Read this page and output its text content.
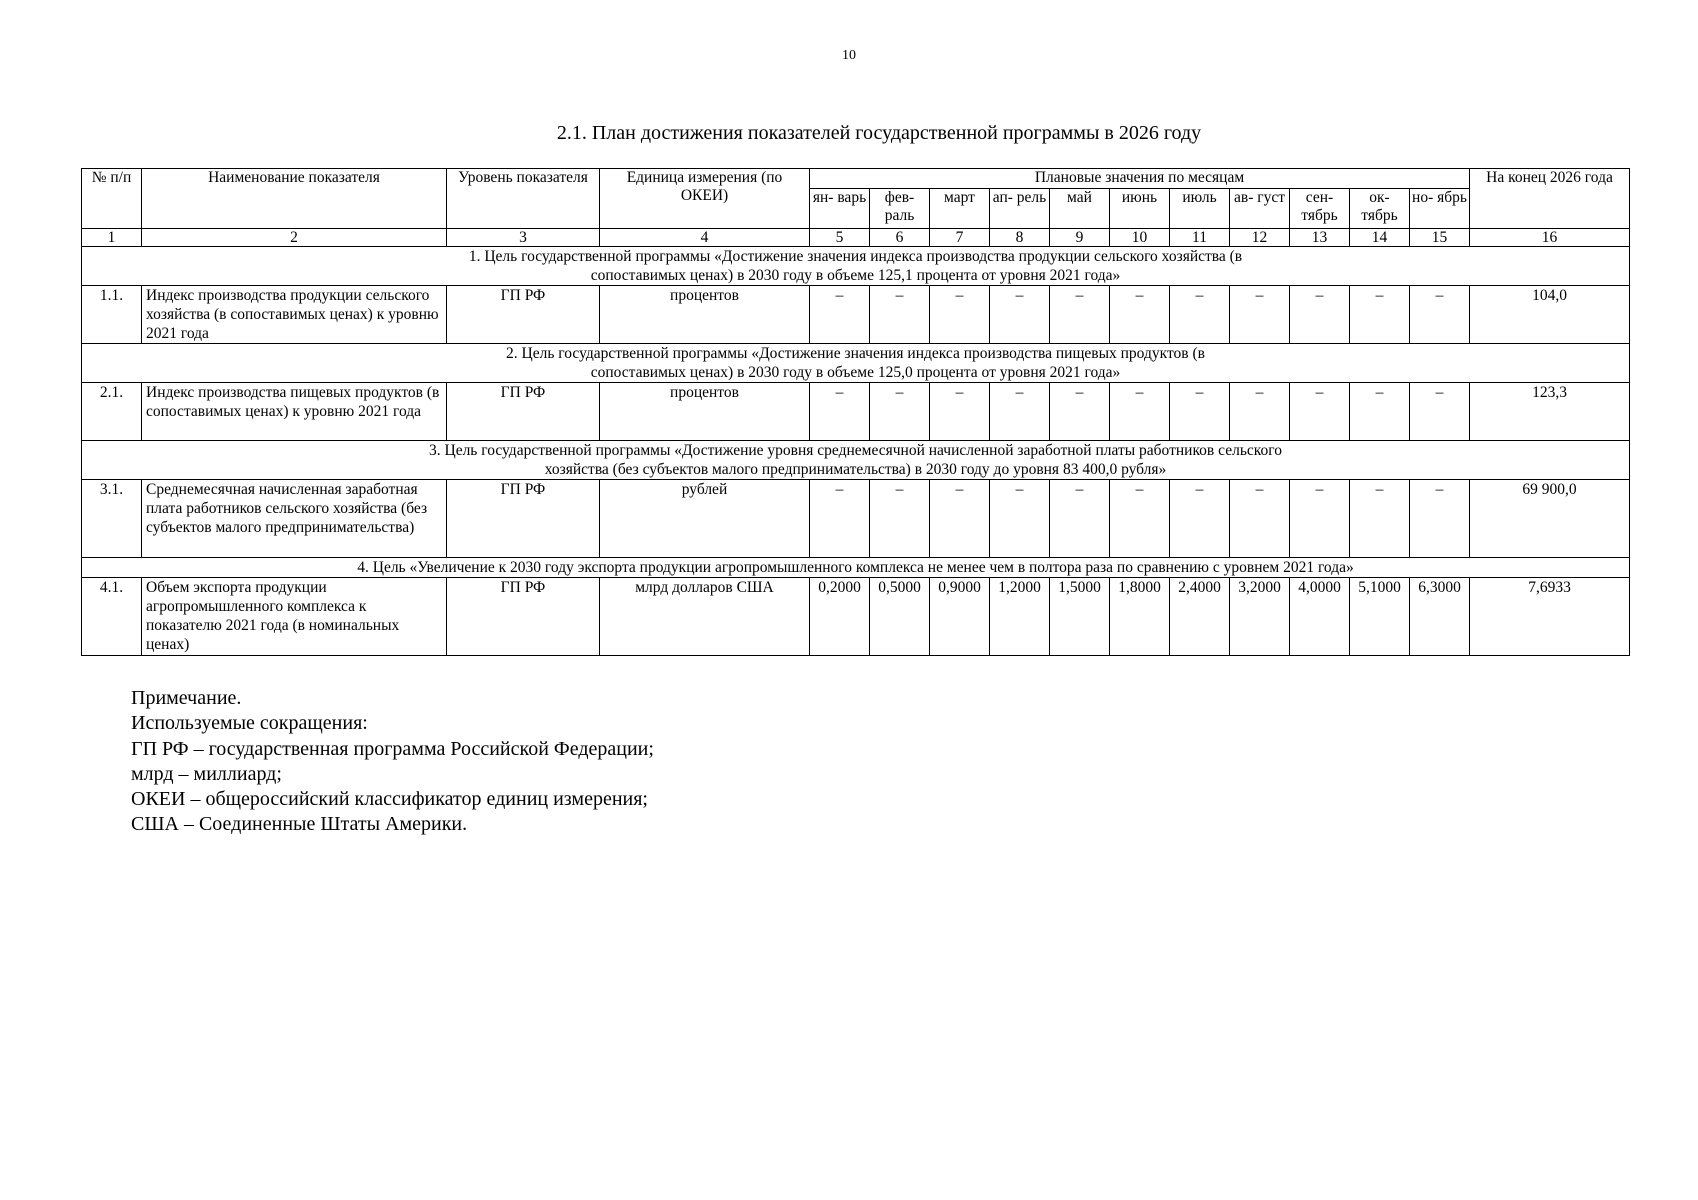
10
2.1. План достижения показателей государственной программы в 2026 году
№ п/п	Наименование показателя	Уровень показателя	Единица измерения (по ОКЕИ)	Плановые значения по месяцам											На конец 2026 года
				ян- варь	фев- раль	март	ап- рель	май	июнь	июль	ав- густ	сен- тябрь	ок- тябрь	но- ябрь	
1	2	3	4	5	6	7	8	9	10	11	12	13	14	15	16
1. Цель государственной программы «Достижение значения индекса производства продукции сельского хозяйства (в сопоставимых ценах) в 2030 году в объеме 125,1 процента от уровня 2021 года»															
1.1.	Индекс производства продукции сельского хозяйства (в сопоставимых ценах) к уровню 2021 года	ГП РФ	процентов	–	–	–	–	–	–	–	–	–	–	–	104,0
2. Цель государственной программы «Достижение значения индекса производства пищевых продуктов (в сопоставимых ценах) в 2030 году в объеме 125,0 процента от уровня 2021 года»															
2.1.	Индекс производства пищевых продуктов (в сопоставимых ценах) к уровню 2021 года	ГП РФ	процентов	–	–	–	–	–	–	–	–	–	–	–	123,3
3. Цель государственной программы «Достижение уровня среднемесячной начисленной заработной платы работников сельского хозяйства (без субъектов малого предпринимательства) в 2030 году до уровня 83 400,0 рубля»															
3.1.	Среднемесячная начисленная заработная плата работников сельского хозяйства (без субъектов малого предпринимательства)	ГП РФ	рублей	–	–	–	–	–	–	–	–	–	–	–	69 900,0
4. Цель «Увеличение к 2030 году экспорта продукции агропромышленного комплекса не менее чем в полтора раза по сравнению с уровнем 2021 года»															
4.1.	Объем экспорта продукции агропромышленного комплекса к показателю 2021 года (в номинальных ценах)	ГП РФ	млрд долларов США	0,2000	0,5000	0,9000	1,2000	1,5000	1,8000	2,4000	3,2000	4,0000	5,1000	6,3000	7,6933
Примечание.
Используемые сокращения:
ГП РФ – государственная программа Российской Федерации;
млрд – миллиард;
ОКЕИ – общероссийский классификатор единиц измерения;
США – Соединенные Штаты Америки.
